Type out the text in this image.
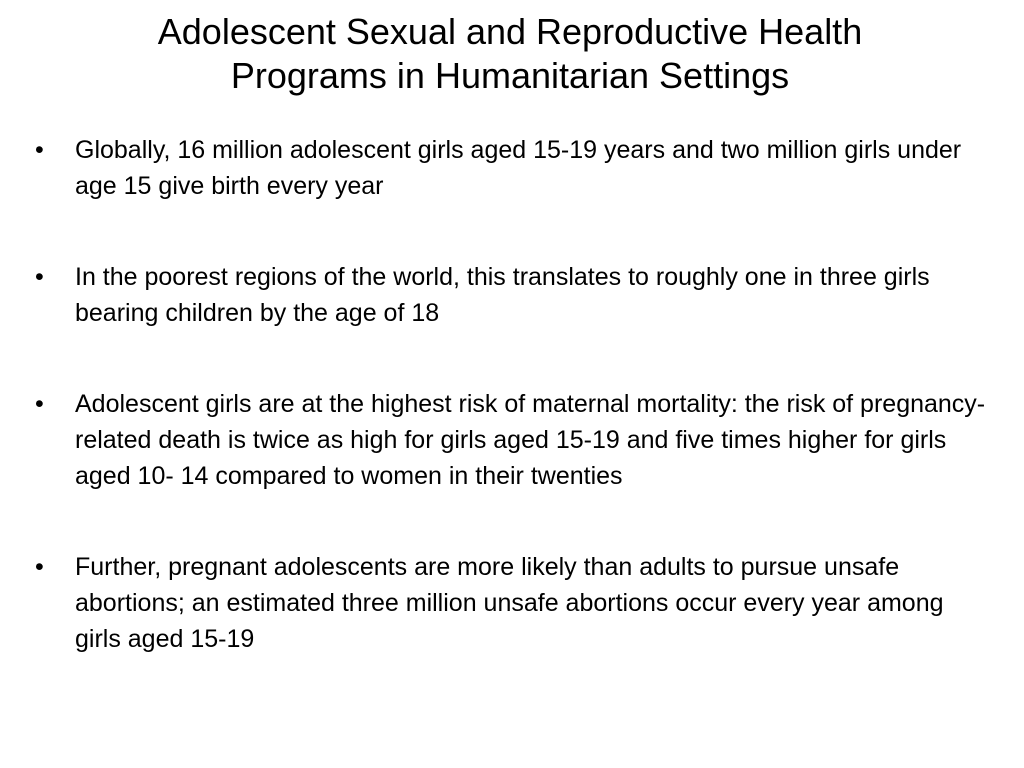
Adolescent Sexual and Reproductive Health
Programs in Humanitarian Settings
• Globally, 16 million adolescent girls aged 15-19 years and two million girls under age 15 give birth every year
• In the poorest regions of the world, this translates to roughly one in three girls bearing children by the age of 18
• Adolescent girls are at the highest risk of maternal mortality: the risk of pregnancy-related death is twice as high for girls aged 15-19 and five times higher for girls aged 10- 14 compared to women in their twenties
• Further, pregnant adolescents are more likely than adults to pursue unsafe abortions; an estimated three million unsafe abortions occur every year among girls aged 15-19
